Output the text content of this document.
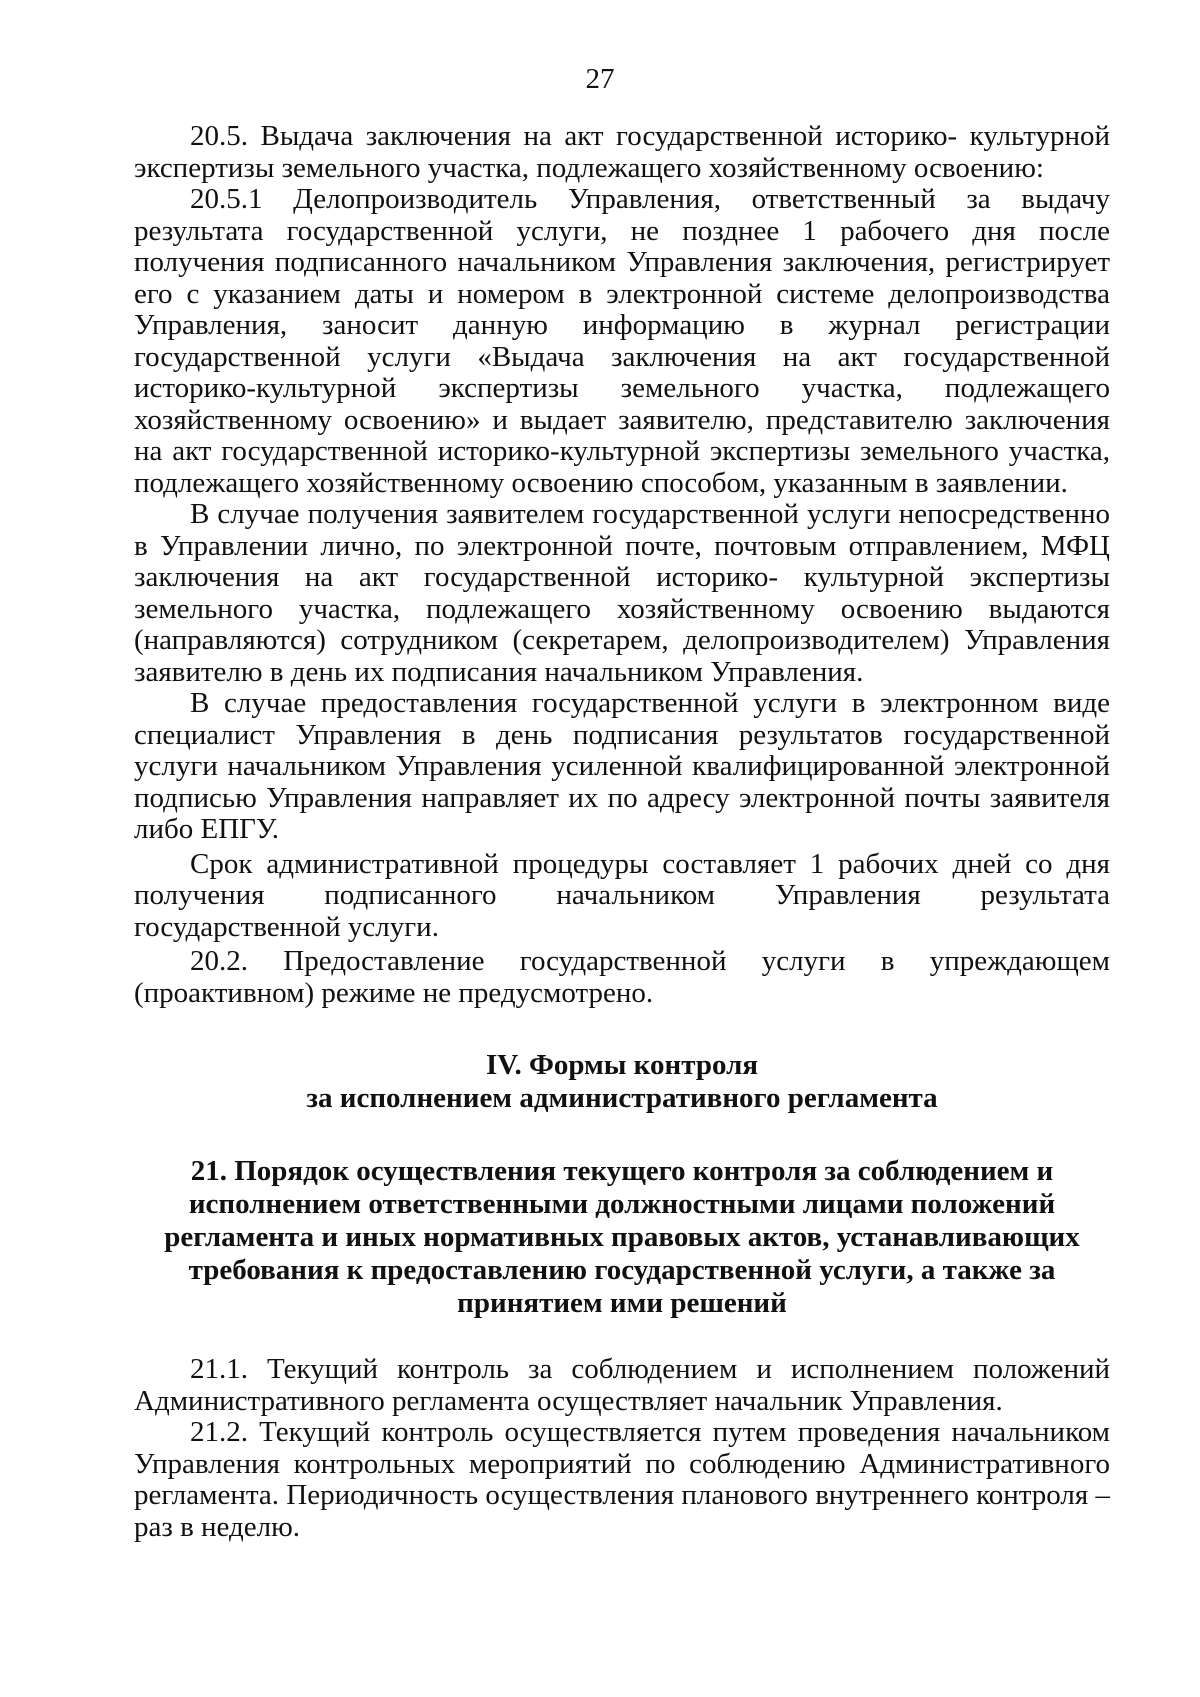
27

20.5. Выдача заключения на акт государственной историко- культурной экспертизы земельного участка, подлежащего хозяйственному освоению:

20.5.1 Делопроизводитель Управления, ответственный за выдачу результата государственной услуги, не позднее 1 рабочего дня после получения подписанного начальником Управления заключения, регистрирует его с указанием даты и номером в электронной системе делопроизводства Управления, заносит данную информацию в журнал регистрации государственной услуги «Выдача заключения на акт государственной историко-культурной экспертизы земельного участка, подлежащего хозяйственному освоению» и выдает заявителю, представителю заключения на акт государственной историко-культурной экспертизы земельного участка, подлежащего хозяйственному освоению способом, указанным в заявлении.

В случае получения заявителем государственной услуги непосредственно в Управлении лично, по электронной почте, почтовым отправлением, МФЦ заключения на акт государственной историко- культурной экспертизы земельного участка, подлежащего хозяйственному освоению выдаются (направляются) сотрудником (секретарем, делопроизводителем) Управления заявителю в день их подписания начальником Управления.

В случае предоставления государственной услуги в электронном виде специалист Управления в день подписания результатов государственной услуги начальником Управления усиленной квалифицированной электронной подписью Управления направляет их по адресу электронной почты заявителя либо ЕПГУ.

Срок административной процедуры составляет 1 рабочих дней со дня получения подписанного начальником Управления результата государственной услуги.

20.2. Предоставление государственной услуги в упреждающем (проактивном) режиме не предусмотрено.

IV. Формы контроля
за исполнением административного регламента
21. Порядок осуществления текущего контроля за соблюдением и
исполнением ответственными должностными лицами положений
регламента и иных нормативных правовых актов, устанавливающих
требования к предоставлению государственной услуги, а также за
принятием ими решений

21.1. Текущий контроль за соблюдением и исполнением положений Административного регламента осуществляет начальник Управления.

21.2. Текущий контроль осуществляется путем проведения начальником Управления контрольных мероприятий по соблюдению Административного регламента. Периодичность осуществления планового внутреннего контроля – раз в неделю.
